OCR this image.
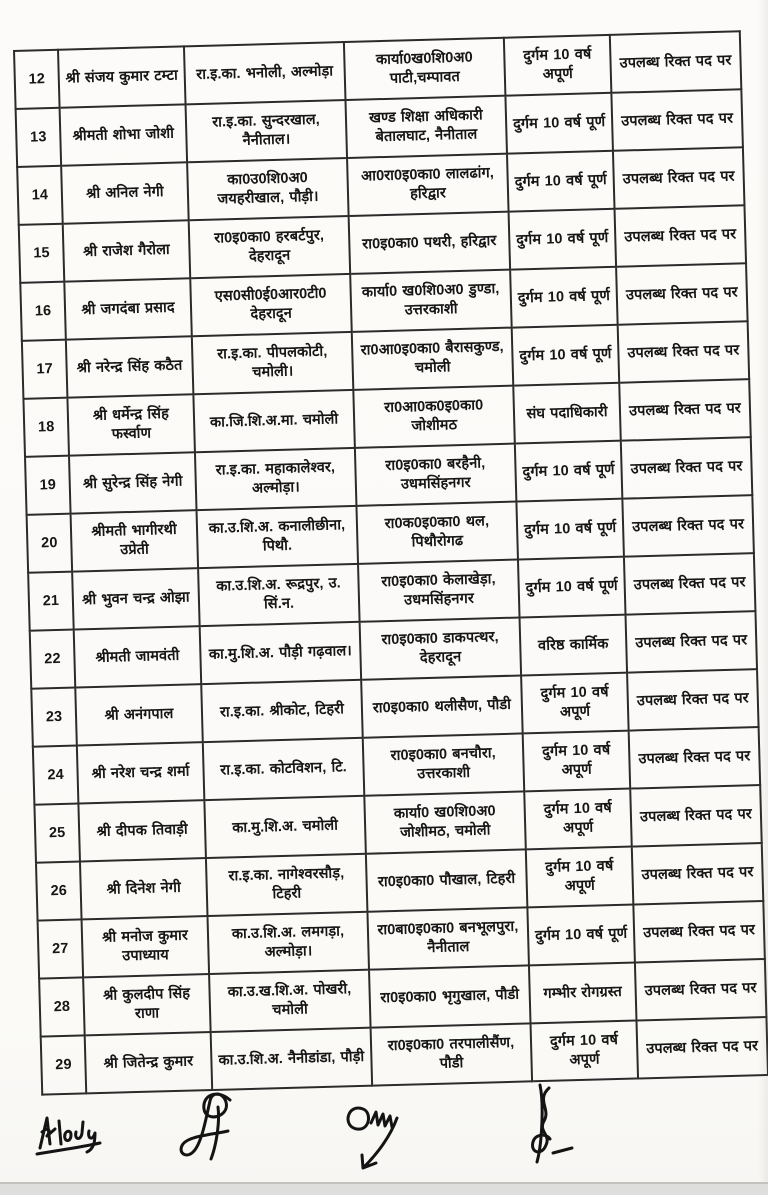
12	श्री संजय कुमार टम्टा	रा.इ.का. भनोली, अल्मोड़ा	कार्या0ख0शि0अ0 पाटी,चम्पावत	दुर्गम 10 वर्ष अपूर्ण	उपलब्ध रिक्त पद पर
13	श्रीमती शोभा जोशी	रा.इ.का. सुन्दरखाल, नैनीताल।	खण्ड शिक्षा अधिकारी बेतालघाट, नैनीताल	दुर्गम 10 वर्ष पूर्ण	उपलब्ध रिक्त पद पर
14	श्री अनिल नेगी	का0उ0शि0अ0 जयहरीखाल, पौड़ी।	आ0रा0इ0का0 लालढांग, हरिद्वार	दुर्गम 10 वर्ष पूर्ण	उपलब्ध रिक्त पद पर
15	श्री राजेश गैरोला	रा0इ0का0 हरबर्टपुर, देहरादून	रा0इ0का0 पथरी, हरिद्वार	दुर्गम 10 वर्ष पूर्ण	उपलब्ध रिक्त पद पर
16	श्री जगदंबा प्रसाद	एस0सी0ई0आर0टी0 देहरादून	कार्या0 ख0शि0अ0 डुण्डा, उत्तरकाशी	दुर्गम 10 वर्ष पूर्ण	उपलब्ध रिक्त पद पर
17	श्री नरेन्द्र सिंह कठैत	रा.इ.का. पीपलकोटी, चमोली।	रा0आ0इ0का0 बैरासकुण्ड, चमोली	दुर्गम 10 वर्ष पूर्ण	उपलब्ध रिक्त पद पर
18	श्री धर्मेन्द्र सिंह फर्स्वाण	का.जि.शि.अ.मा. चमोली	रा0आ0क0इ0का0 जोशीमठ	संघ पदाधिकारी	उपलब्ध रिक्त पद पर
19	श्री सुरेन्द्र सिंह नेगी	रा.इ.का. महाकालेश्वर, अल्मोड़ा।	रा0इ0का0 बरहैनी, उधमसिंहनगर	दुर्गम 10 वर्ष पूर्ण	उपलब्ध रिक्त पद पर
20	श्रीमती भागीरथी उप्रेती	का.उ.शि.अ. कनालीछीना, पिथौ.	रा0क0इ0का0 थल, पिथौरोगढ	दुर्गम 10 वर्ष पूर्ण	उपलब्ध रिक्त पद पर
21	श्री भुवन चन्द्र ओझा	का.उ.शि.अ. रूद्रपुर, उ. सिं.न.	रा0इ0का0 केलाखेड़ा, उधमसिंहनगर	दुर्गम 10 वर्ष पूर्ण	उपलब्ध रिक्त पद पर
22	श्रीमती जामवंती	का.मु.शि.अ. पौड़ी गढ़वाल।	रा0इ0का0 डाकपत्थर, देहरादून	वरिष्ठ कार्मिक	उपलब्ध रिक्त पद पर
23	श्री अनंगपाल	रा.इ.का. श्रीकोट, टिहरी	रा0इ0का0 थलीसैण, पौडी	दुर्गम 10 वर्ष अपूर्ण	उपलब्ध रिक्त पद पर
24	श्री नरेश चन्द्र शर्मा	रा.इ.का. कोटविशन, टि.	रा0इ0का0 बनचौरा, उत्तरकाशी	दुर्गम 10 वर्ष अपूर्ण	उपलब्ध रिक्त पद पर
25	श्री दीपक तिवाड़ी	का.मु.शि.अ. चमोली	कार्या0 ख0शि0अ0 जोशीमठ, चमोली	दुर्गम 10 वर्ष अपूर्ण	उपलब्ध रिक्त पद पर
26	श्री दिनेश नेगी	रा.इ.का. नागेश्वरसौड़, टिहरी	रा0इ0का0 पौखाल, टिहरी	दुर्गम 10 वर्ष अपूर्ण	उपलब्ध रिक्त पद पर
27	श्री मनोज कुमार उपाध्याय	का.उ.शि.अ. लमगड़ा, अल्मोड़ा।	रा0बा0इ0का0 बनभूलपुरा, नैनीताल	दुर्गम 10 वर्ष पूर्ण	उपलब्ध रिक्त पद पर
28	श्री कुलदीप सिंह राणा	का.उ.ख.शि.अ. पोखरी, चमोली	रा0इ0का0 भृगुखाल, पौडी	गम्भीर रोगग्रस्त	उपलब्ध रिक्त पद पर
29	श्री जितेन्द्र कुमार	का.उ.शि.अ. नैनीडांडा, पौड़ी	रा0इ0का0 तरपालीसैंण, पौडी	दुर्गम 10 वर्ष अपूर्ण	उपलब्ध रिक्त पद पर
